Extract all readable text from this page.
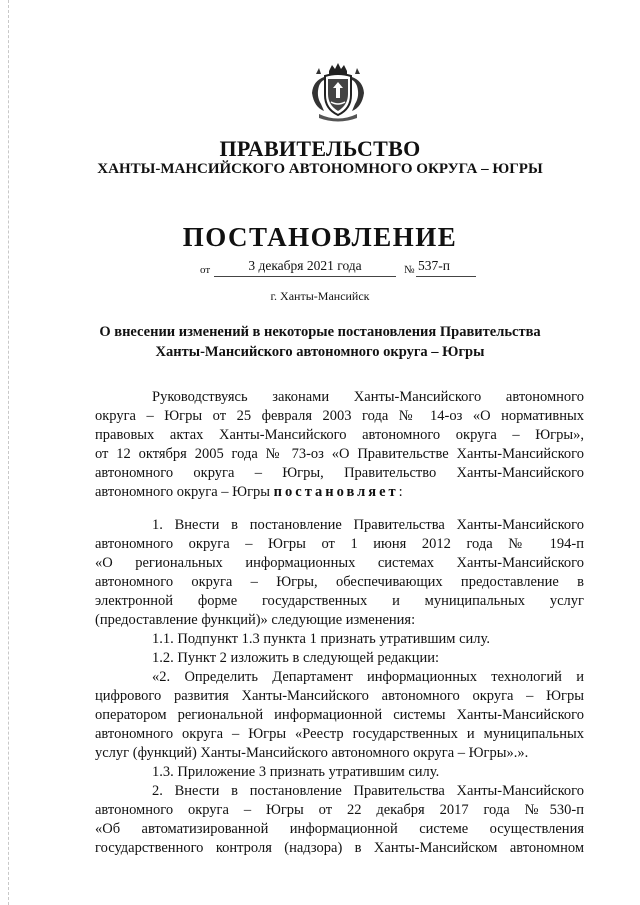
ПРАВИТЕЛЬСТВО
ХАНТЫ-МАНСИЙСКОГО АВТОНОМНОГО ОКРУГА – ЮГРЫ
ПОСТАНОВЛЕНИЕ
от	3 декабря 2021 года	№ 537-п
г. Ханты-Мансийск
О внесении изменений в некоторые постановления Правительства
Ханты-Мансийского автономного округа – Югры

Руководствуясь законами Ханты-Мансийского автономного

округа – Югры от 25 февраля 2003 года № 14-оз «О нормативных

правовых актах Ханты-Мансийского автономного округа – Югры»,

от 12 октября 2005 года № 73-оз «О Правительстве Ханты-Мансийского

автономного округа – Югры, Правительство Ханты-Мансийского

автономного округа – Югры постановляет:

1. Внести в постановление Правительства Ханты-Мансийского

автономного округа – Югры от 1 июня 2012 года № 194-п

«О региональных информационных системах Ханты-Мансийского

автономного округа – Югры, обеспечивающих предоставление в

электронной форме государственных и муниципальных услуг

(предоставление функций)» следующие изменения:

1.1. Подпункт 1.3 пункта 1 признать утратившим силу.

1.2. Пункт 2 изложить в следующей редакции:

«2. Определить Департамент информационных технологий и

цифрового развития Ханты-Мансийского автономного округа – Югры

оператором региональной информационной системы Ханты-Мансийского

автономного округа – Югры «Реестр государственных и муниципальных

услуг (функций) Ханты-Мансийского автономного округа – Югры».».

1.3. Приложение 3 признать утратившим силу.

2. Внести в постановление Правительства Ханты-Мансийского

автономного округа – Югры от 22 декабря 2017 года №530-п

«Об автоматизированной информационной системе осуществления

государственного контроля (надзора) в Ханты-Мансийском автономном
